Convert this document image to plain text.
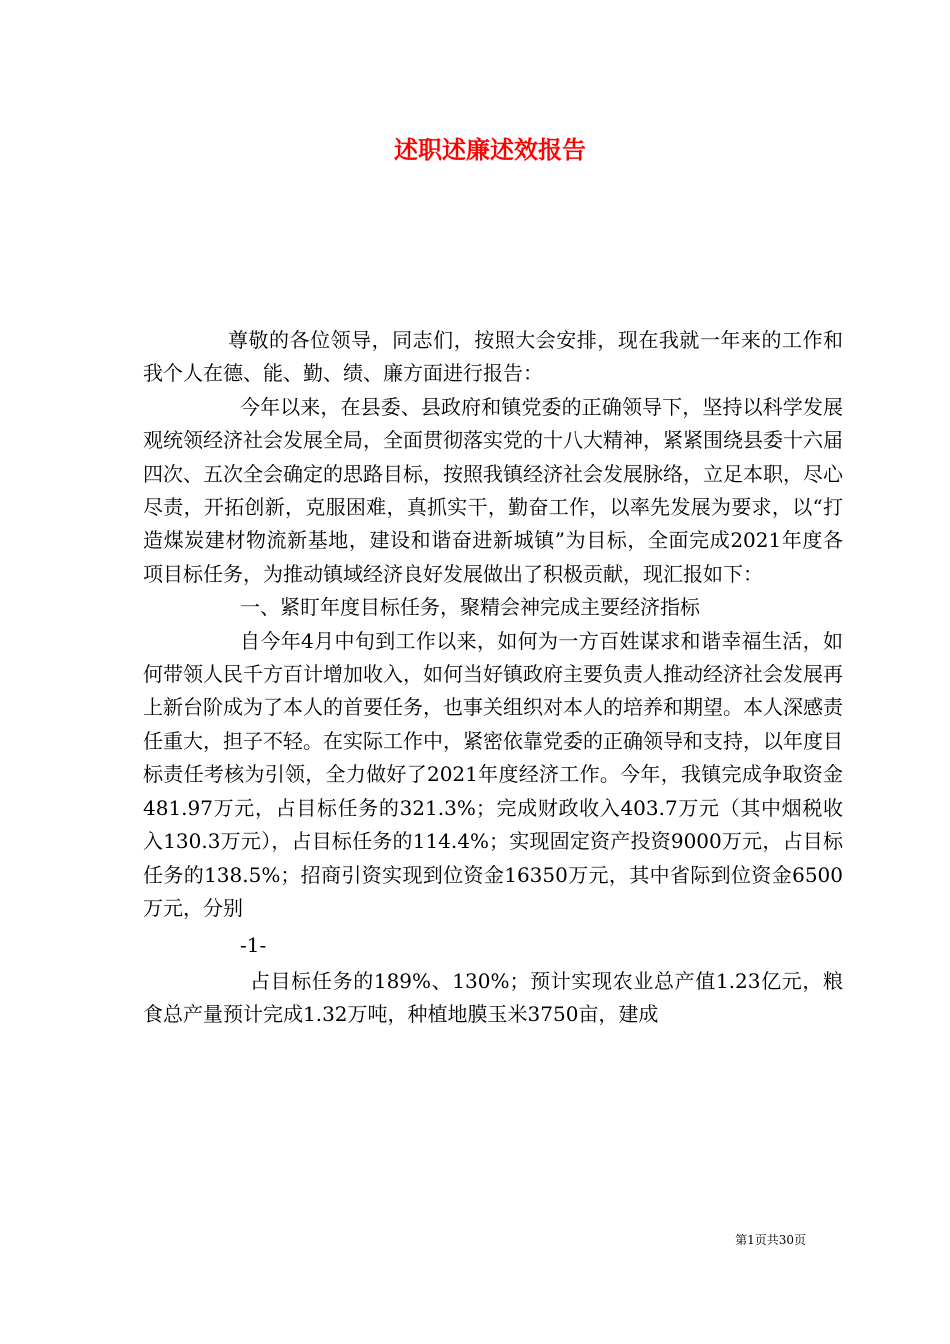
述职述廉述效报告

尊敬的各位领导，同志们，按照大会安排，现在我就一年来的工作和我个人在德、能、勤、绩、廉方面进行报告：

今年以来，在县委、县政府和镇党委的正确领导下，坚持以科学发展观统领经济社会发展全局，全面贯彻落实党的十八大精神，紧紧围绕县委十六届四次、五次全会确定的思路目标，按照我镇经济社会发展脉络，立足本职，尽心尽责，开拓创新，克服困难，真抓实干，勤奋工作，以率先发展为要求，以“打造煤炭建材物流新基地，建设和谐奋进新城镇”为目标，全面完成2021年度各项目标任务，为推动镇域经济良好发展做出了积极贡献，现汇报如下：

一、紧盯年度目标任务，聚精会神完成主要经济指标

自今年4月中旬到工作以来，如何为一方百姓谋求和谐幸福生活，如何带领人民千方百计增加收入，如何当好镇政府主要负责人推动经济社会发展再上新台阶成为了本人的首要任务，也事关组织对本人的培养和期望。本人深感责任重大，担子不轻。在实际工作中，紧密依靠党委的正确领导和支持，以年度目标责任考核为引领，全力做好了2021年度经济工作。今年，我镇完成争取资金481.97万元，占目标任务的321.3%；完成财政收入403.7万元（其中烟税收入130.3万元），占目标任务的114.4%；实现固定资产投资9000万元，占目标任务的138.5%；招商引资实现到位资金16350万元，其中省际到位资金6500万元，分别

-1-

占目标任务的189%、130%；预计实现农业总产值1.23亿元，粮食总产量预计完成1.32万吨，种植地膜玉米3750亩，建成

第1页共30页
